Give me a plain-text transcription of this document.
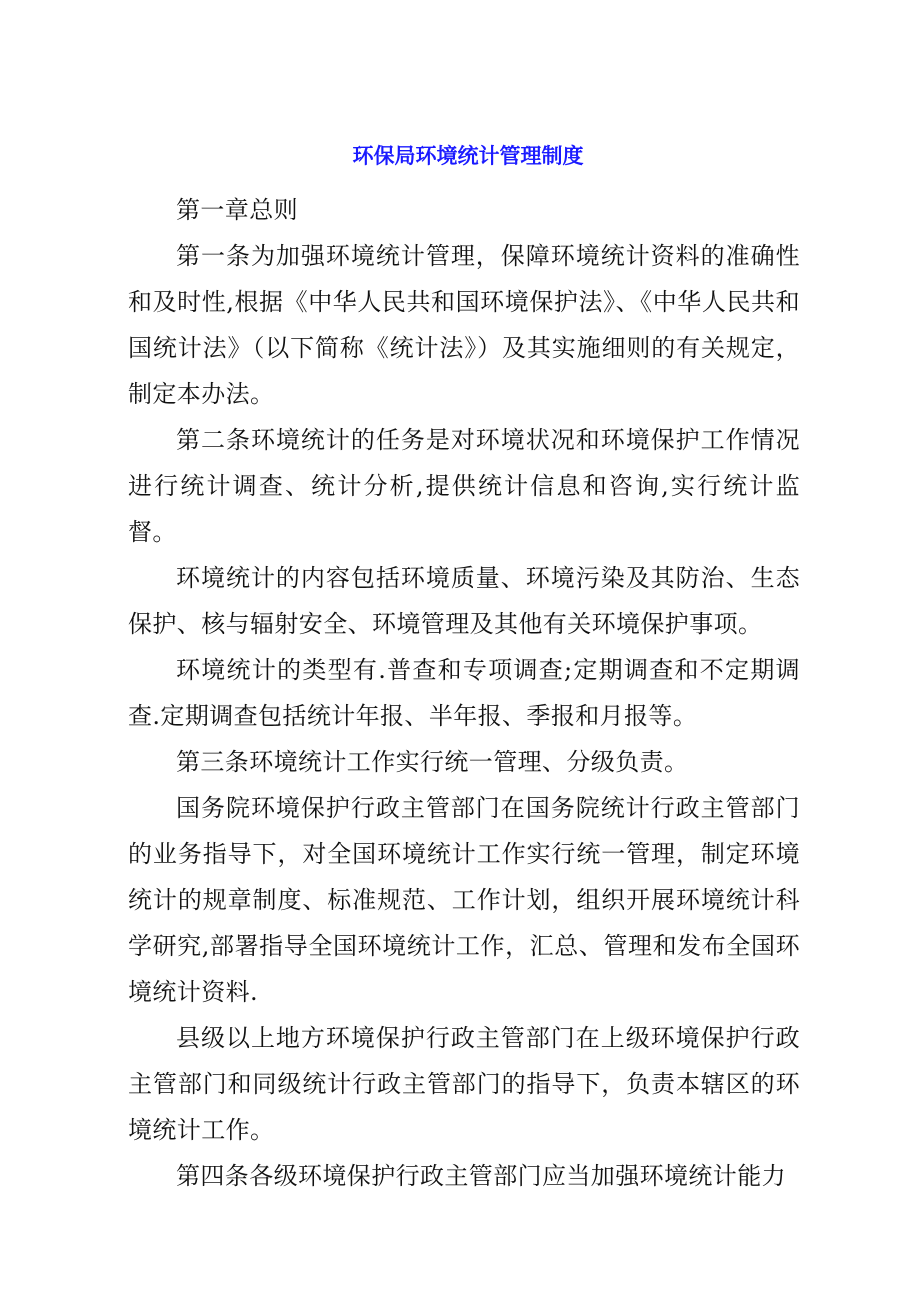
环保局环境统计管理制度

第一章总则

第一条为加强环境统计管理，保障环境统计资料的准确性和及时性,根据《中华人民共和国环境保护法》、《中华人民共和国统计法》（以下简称《统计法》）及其实施细则的有关规定，制定本办法。

第二条环境统计的任务是对环境状况和环境保护工作情况进行统计调查、统计分析,提供统计信息和咨询,实行统计监督。

环境统计的内容包括环境质量、环境污染及其防治、生态保护、核与辐射安全、环境管理及其他有关环境保护事项。

环境统计的类型有.普查和专项调查;定期调查和不定期调查.定期调查包括统计年报、半年报、季报和月报等。

第三条环境统计工作实行统一管理、分级负责。

国务院环境保护行政主管部门在国务院统计行政主管部门的业务指导下，对全国环境统计工作实行统一管理，制定环境统计的规章制度、标准规范、工作计划，组织开展环境统计科学研究,部署指导全国环境统计工作，汇总、管理和发布全国环境统计资料.

县级以上地方环境保护行政主管部门在上级环境保护行政主管部门和同级统计行政主管部门的指导下，负责本辖区的环境统计工作。

第四条各级环境保护行政主管部门应当加强环境统计能力
